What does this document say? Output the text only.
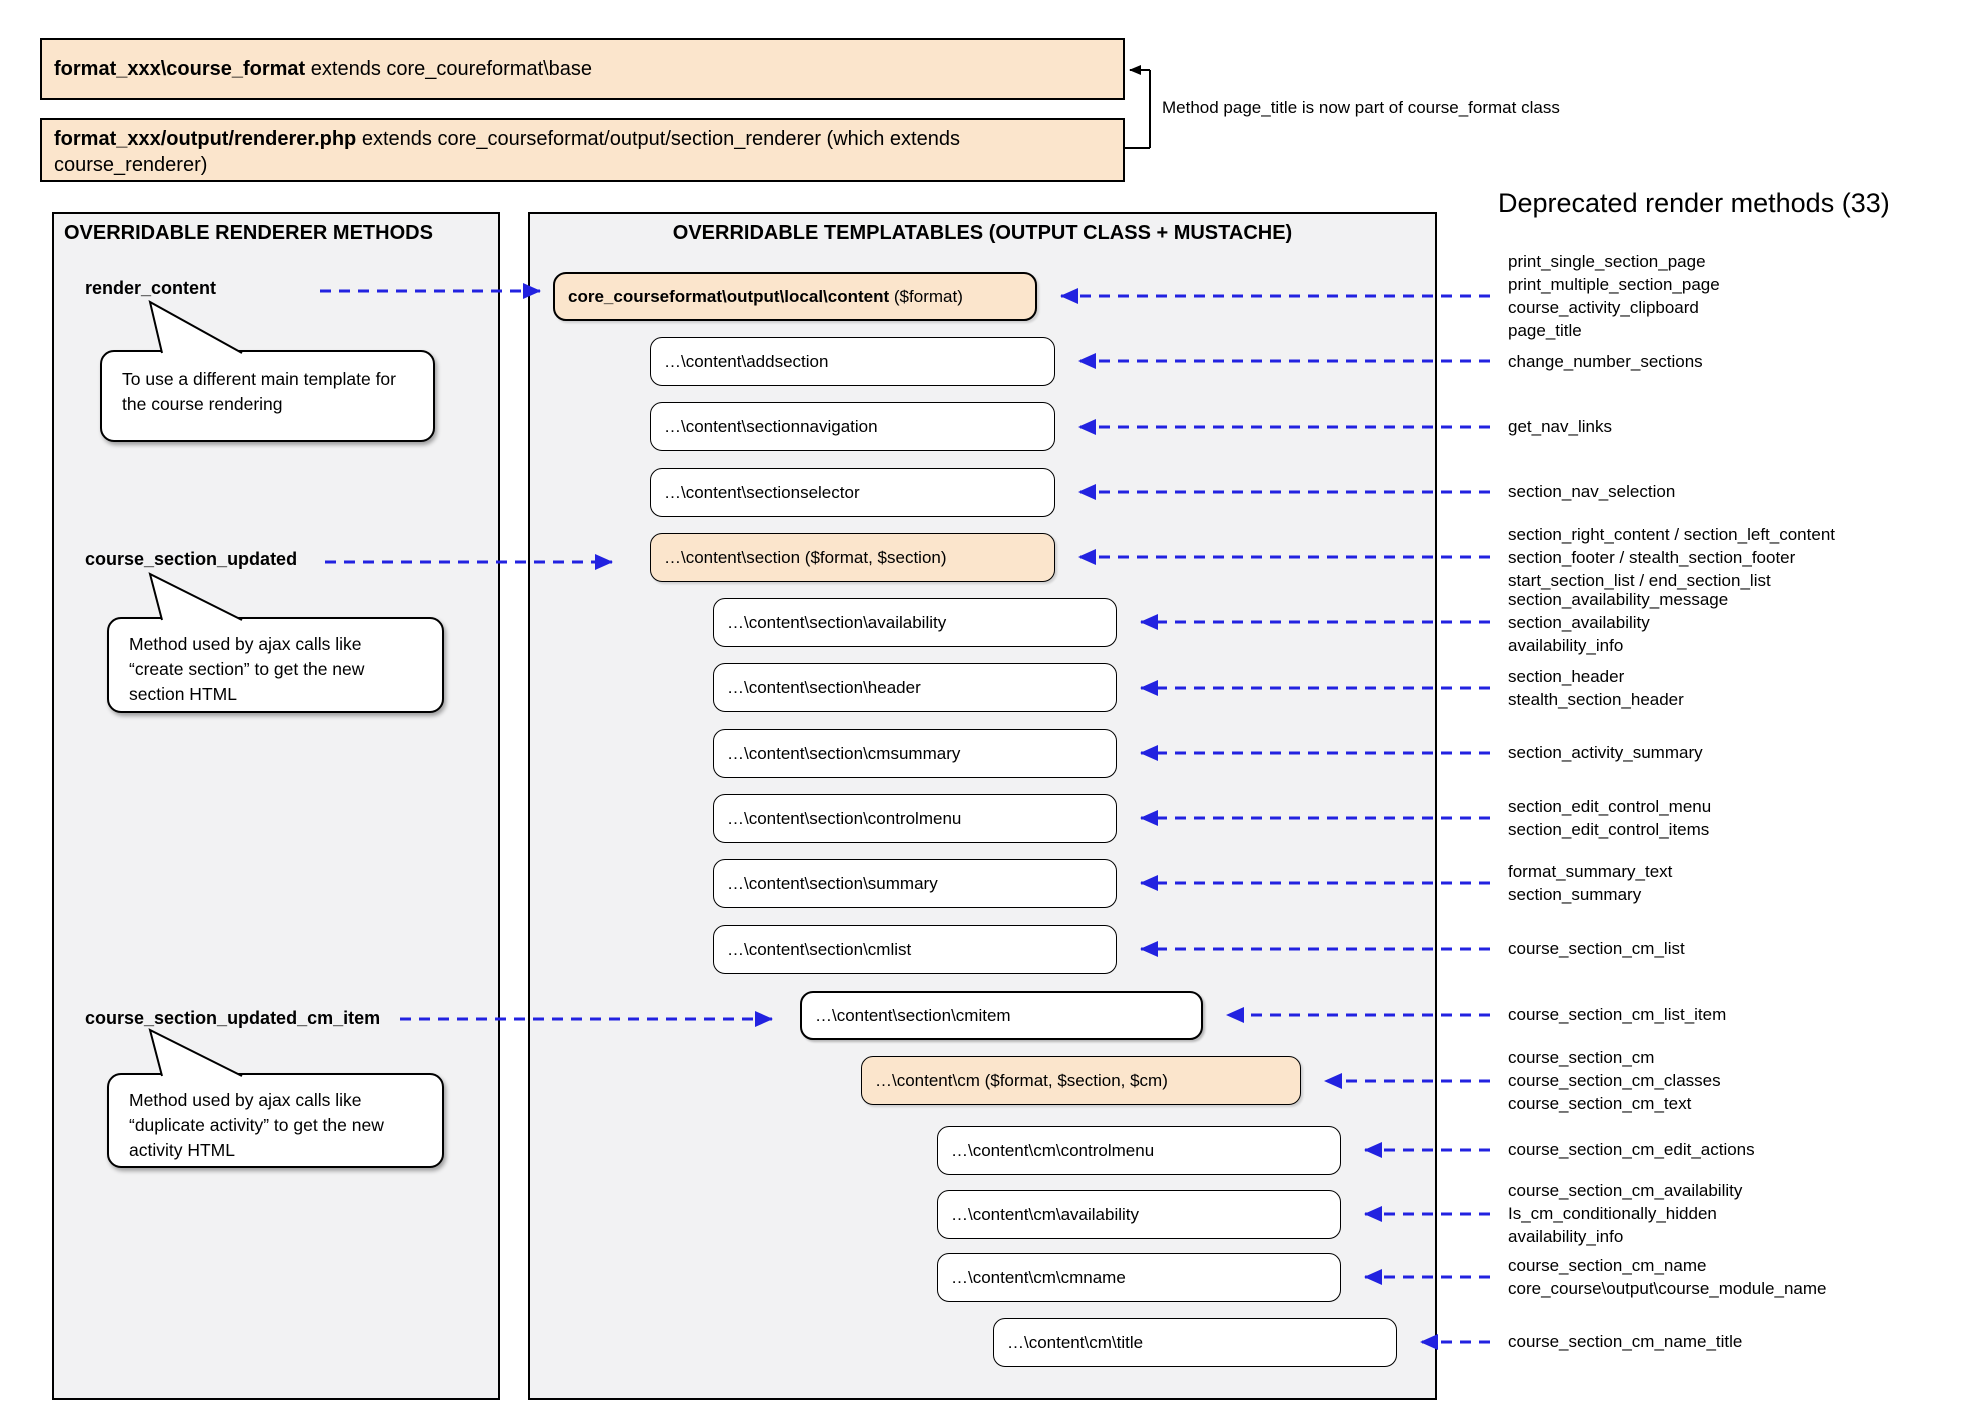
format_xxx\course_format extends core_coureformat\base
format_xxx/output/renderer.php extends core_courseformat/output/section_renderer (which extends course_renderer)
Method page_title is now part of course_format class
Deprecated render methods (33)
OVERRIDABLE RENDERER METHODS	OVERRIDABLE TEMPLATABLES (OUTPUT CLASS + MUSTACHE)
render_content
course_section_updated
course_section_updated_cm_item
To use a different main template for
the course rendering
Method used by ajax calls like
“create section” to get the new
section HTML
Method used by ajax calls like
“duplicate activity” to get the new
activity HTML
core_courseformat\output\local\content ($format)
…\content\addsection
…\content\sectionnavigation
…\content\sectionselector
…\content\section ($format, $section)
…\content\section\availability
…\content\section\header
…\content\section\cmsummary
…\content\section\controlmenu
…\content\section\summary
…\content\section\cmlist
…\content\section\cmitem
…\content\cm ($format, $section, $cm)
…\content\cm\controlmenu
…\content\cm\availability
…\content\cm\cmname
…\content\cm\title
print_single_section_page
print_multiple_section_page
course_activity_clipboard
page_title
change_number_sections
get_nav_links
section_nav_selection
section_right_content / section_left_content
section_footer / stealth_section_footer
start_section_list / end_section_list
section_availability_message
section_availability
availability_info
section_header
stealth_section_header
section_activity_summary
section_edit_control_menu
section_edit_control_items
format_summary_text
section_summary
course_section_cm_list
course_section_cm_list_item
course_section_cm
course_section_cm_classes
course_section_cm_text
course_section_cm_edit_actions
course_section_cm_availability
Is_cm_conditionally_hidden
availability_info
course_section_cm_name
core_course\output\course_module_name
course_section_cm_name_title
